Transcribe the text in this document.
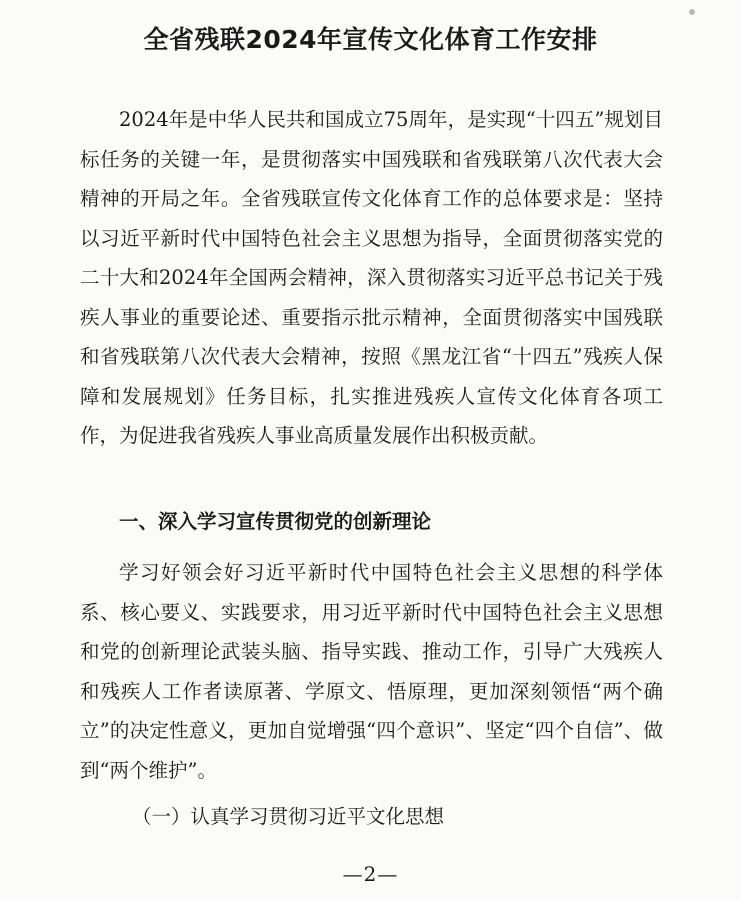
全省残联2024年宣传文化体育工作安排

2024年是中华人民共和国成立75周年，是实现“十四五”规划目标任务的关键一年，是贯彻落实中国残联和省残联第八次代表大会精神的开局之年。全省残联宣传文化体育工作的总体要求是：坚持以习近平新时代中国特色社会主义思想为指导，全面贯彻落实党的二十大和2024年全国两会精神，深入贯彻落实习近平总书记关于残疾人事业的重要论述、重要指示批示精神，全面贯彻落实中国残联和省残联第八次代表大会精神，按照《黑龙江省“十四五”残疾人保障和发展规划》任务目标，扎实推进残疾人宣传文化体育各项工作，为促进我省残疾人事业高质量发展作出积极贡献。

一、深入学习宣传贯彻党的创新理论

学习好领会好习近平新时代中国特色社会主义思想的科学体系、核心要义、实践要求，用习近平新时代中国特色社会主义思想和党的创新理论武装头脑、指导实践、推动工作，引导广大残疾人和残疾人工作者读原著、学原文、悟原理，更加深刻领悟“两个确立”的决定性意义，更加自觉增强“四个意识”、坚定“四个自信”、做到“两个维护”。

（一）认真学习贯彻习近平文化思想
—2—
